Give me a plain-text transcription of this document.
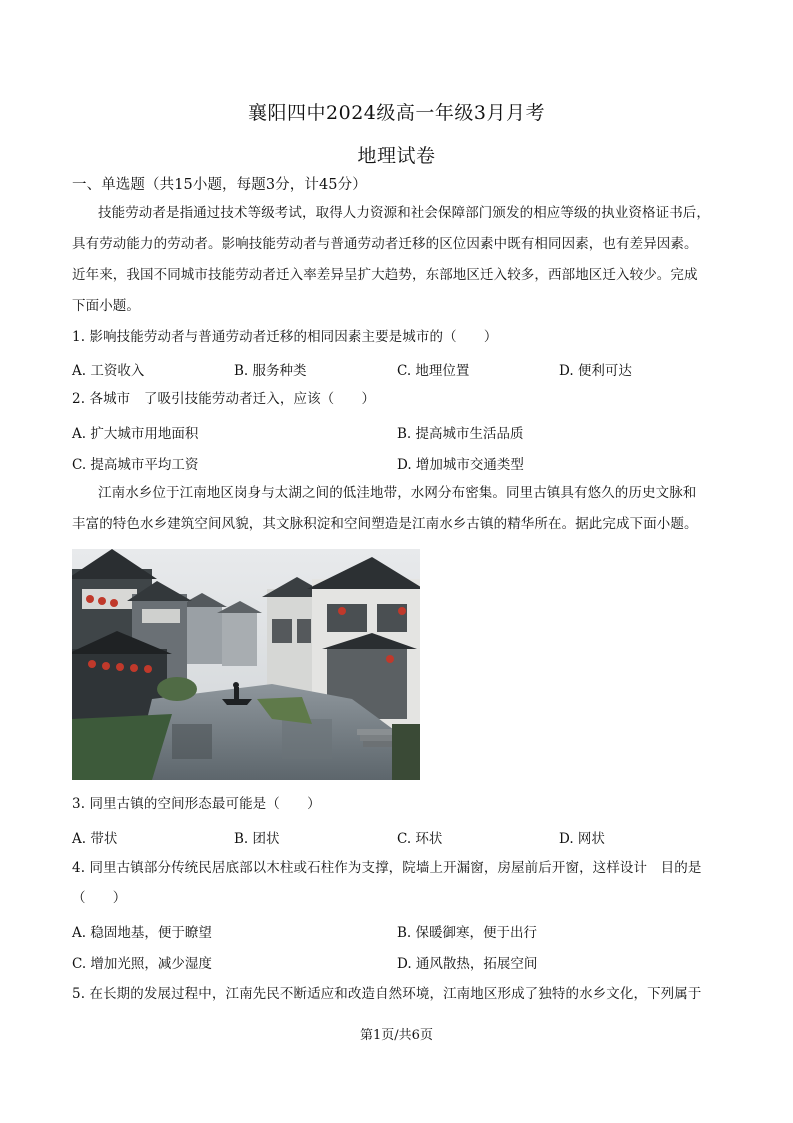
襄阳四中2024级高一年级3月月考
地理试卷
一、单选题（共15小题，每题3分，计45分）
技能劳动者是指通过技术等级考试，取得人力资源和社会保障部门颁发的相应等级的执业资格证书后，
具有劳动能力的劳动者。影响技能劳动者与普通劳动者迁移的区位因素中既有相同因素，也有差异因素。
近年来，我国不同城市技能劳动者迁入率差异呈扩大趋势，东部地区迁入较多，西部地区迁入较少。完成
下面小题。
1. 影响技能劳动者与普通劳动者迁移的相同因素主要是城市的（　　）
A. 工资收入	B. 服务种类	C. 地理位置	D. 便利可达
2. 各城市　了吸引技能劳动者迁入，应该（　　）
A. 扩大城市用地面积	B. 提高城市生活品质
C. 提高城市平均工资	D. 增加城市交通类型
江南水乡位于江南地区岗身与太湖之间的低洼地带，水网分布密集。同里古镇具有悠久的历史文脉和
丰富的特色水乡建筑空间风貌，其文脉积淀和空间塑造是江南水乡古镇的精华所在。据此完成下面小题。
3. 同里古镇的空间形态最可能是（　　）
A. 带状	B. 团状	C. 环状	D. 网状
4. 同里古镇部分传统民居底部以木柱或石柱作为支撑，院墙上开漏窗，房屋前后开窗，这样设计　目的是
（　　）
A. 稳固地基，便于瞭望	B. 保暖御寒，便于出行
C. 增加光照，减少湿度	D. 通风散热，拓展空间
5. 在长期的发展过程中，江南先民不断适应和改造自然环境，江南地区形成了独特的水乡文化，下列属于
第1页/共6页
